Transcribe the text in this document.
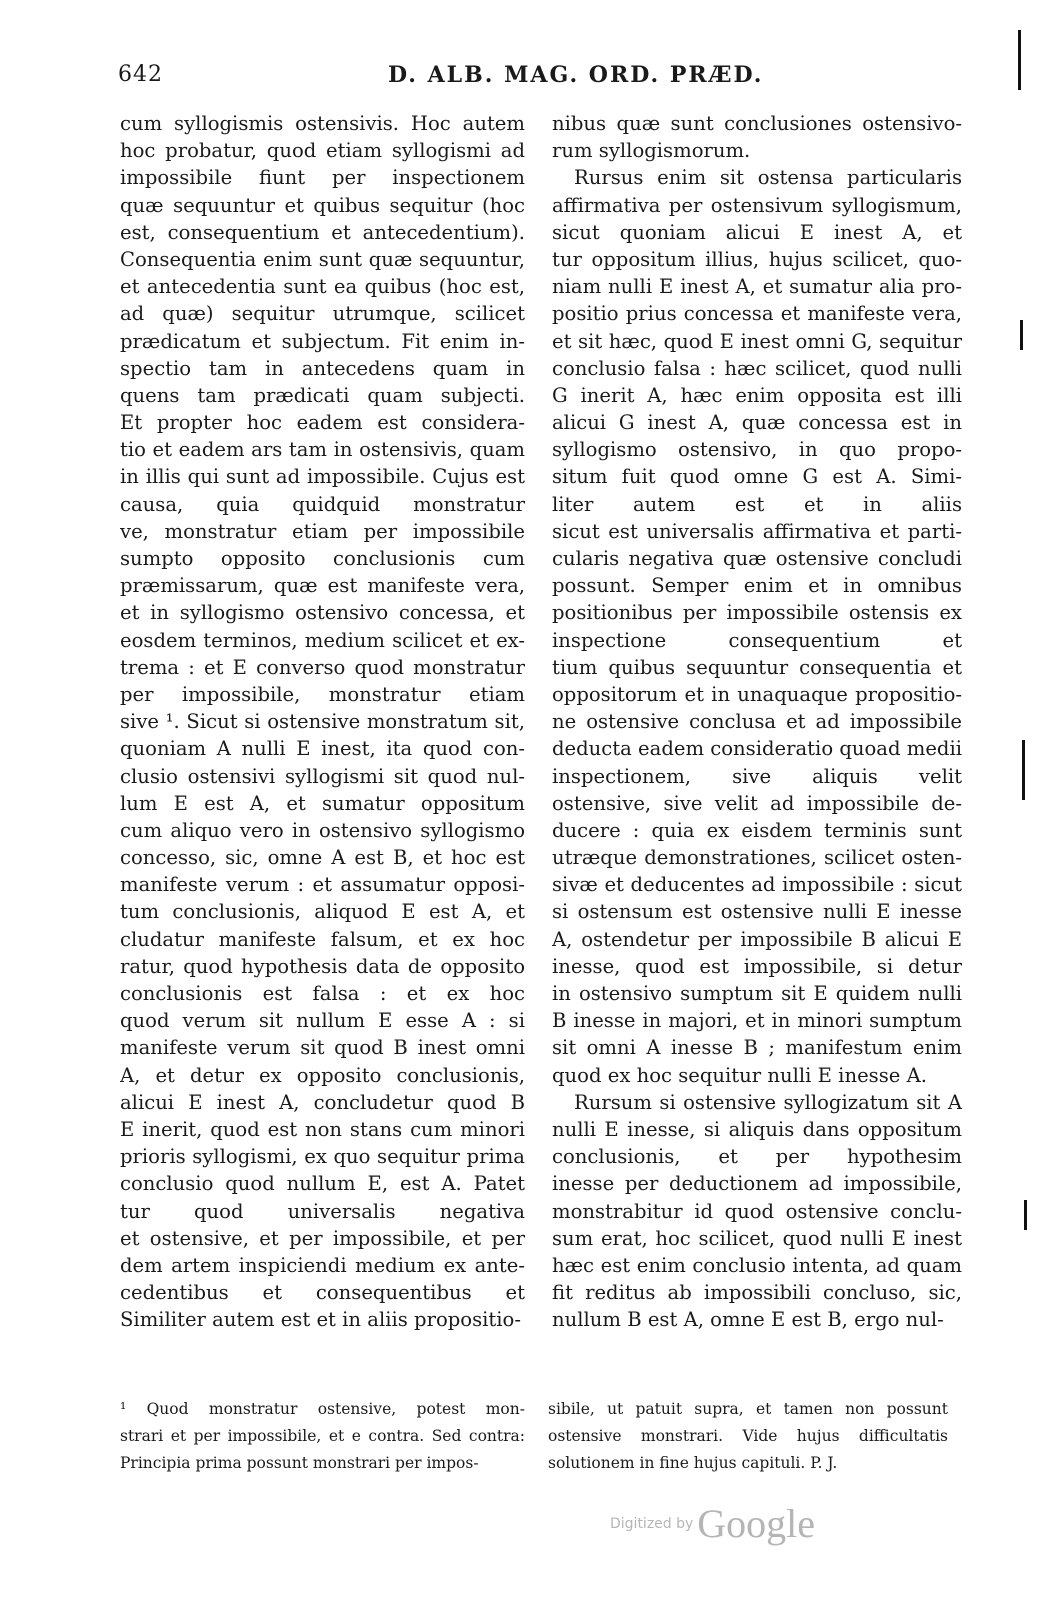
642	D. ALB. MAG. ORD. PRÆD.
cum syllogismis ostensivis. Hoc autem
hoc probatur, quod etiam syllogismi ad
impossibile fiunt per inspectionem
quæ sequuntur et quibus sequitur (hoc
est, consequentium et antecedentium).
Consequentia enim sunt quæ sequuntur,
et antecedentia sunt ea quibus (hoc est,
ad quæ) sequitur utrumque, scilicet
prædicatum et subjectum. Fit enim in-
spectio tam in antecedens quam in
quens tam prædicati quam subjecti.
Et propter hoc eadem est considera-
tio et eadem ars tam in ostensivis, quam
in illis qui sunt ad impossibile. Cujus est
causa, quia quidquid monstratur
ve, monstratur etiam per impossibile
sumpto opposito conclusionis cum
præmissarum, quæ est manifeste vera,
et in syllogismo ostensivo concessa, et
eosdem terminos, medium scilicet et ex-
trema : et E converso quod monstratur
per impossibile, monstratur etiam
sive ¹. Sicut si ostensive monstratum sit,
quoniam A nulli E inest, ita quod con-
clusio ostensivi syllogismi sit quod nul-
lum E est A, et sumatur oppositum
cum aliquo vero in ostensivo syllogismo
concesso, sic, omne A est B, et hoc est
manifeste verum : et assumatur opposi-
tum conclusionis, aliquod E est A, et
cludatur manifeste falsum, et ex hoc
ratur, quod hypothesis data de opposito
conclusionis est falsa : et ex hoc
quod verum sit nullum E esse A : si
manifeste verum sit quod B inest omni
A, et detur ex opposito conclusionis,
alicui E inest A, concludetur quod B
E inerit, quod est non stans cum minori
prioris syllogismi, ex quo sequitur prima
conclusio quod nullum E, est A. Patet
tur quod universalis negativa
et ostensive, et per impossibile, et per
dem artem inspiciendi medium ex ante-
cedentibus et consequentibus et
Similiter autem est et in aliis propositio-
nibus quæ sunt conclusiones ostensivo-
rum syllogismorum.
Rursus enim sit ostensa particularis
affirmativa per ostensivum syllogismum,
sicut quoniam alicui E inest A, et
tur oppositum illius, hujus scilicet, quo-
niam nulli E inest A, et sumatur alia pro-
positio prius concessa et manifeste vera,
et sit hæc, quod E inest omni G, sequitur
conclusio falsa : hæc scilicet, quod nulli
G inerit A, hæc enim opposita est illi
alicui G inest A, quæ concessa est in
syllogismo ostensivo, in quo propo-
situm fuit quod omne G est A. Simi-
liter autem est et in aliis
sicut est universalis affirmativa et parti-
cularis negativa quæ ostensive concludi
possunt. Semper enim et in omnibus
positionibus per impossibile ostensis ex
inspectione consequentium et
tium quibus sequuntur consequentia et
oppositorum et in unaquaque propositio-
ne ostensive conclusa et ad impossibile
deducta eadem consideratio quoad medii
inspectionem, sive aliquis velit
ostensive, sive velit ad impossibile de-
ducere : quia ex eisdem terminis sunt
utræque demonstrationes, scilicet osten-
sivæ et deducentes ad impossibile : sicut
si ostensum est ostensive nulli E inesse
A, ostendetur per impossibile B alicui E
inesse, quod est impossibile, si detur
in ostensivo sumptum sit E quidem nulli
B inesse in majori, et in minori sumptum
sit omni A inesse B ; manifestum enim
quod ex hoc sequitur nulli E inesse A.
Rursum si ostensive syllogizatum sit A
nulli E inesse, si aliquis dans oppositum
conclusionis, et per hypothesim
inesse per deductionem ad impossibile,
monstrabitur id quod ostensive conclu-
sum erat, hoc scilicet, quod nulli E inest
hæc est enim conclusio intenta, ad quam
fit reditus ab impossibili concluso, sic,
nullum B est A, omne E est B, ergo nul-
¹ Quod monstratur ostensive, potest mon-
strari et per impossibile, et e contra. Sed contra:
Principia prima possunt monstrari per impos-
sibile, ut patuit supra, et tamen non possunt
ostensive monstrari. Vide hujus difficultatis
solutionem in fine hujus capituli. P. J.
Digitized by Google
